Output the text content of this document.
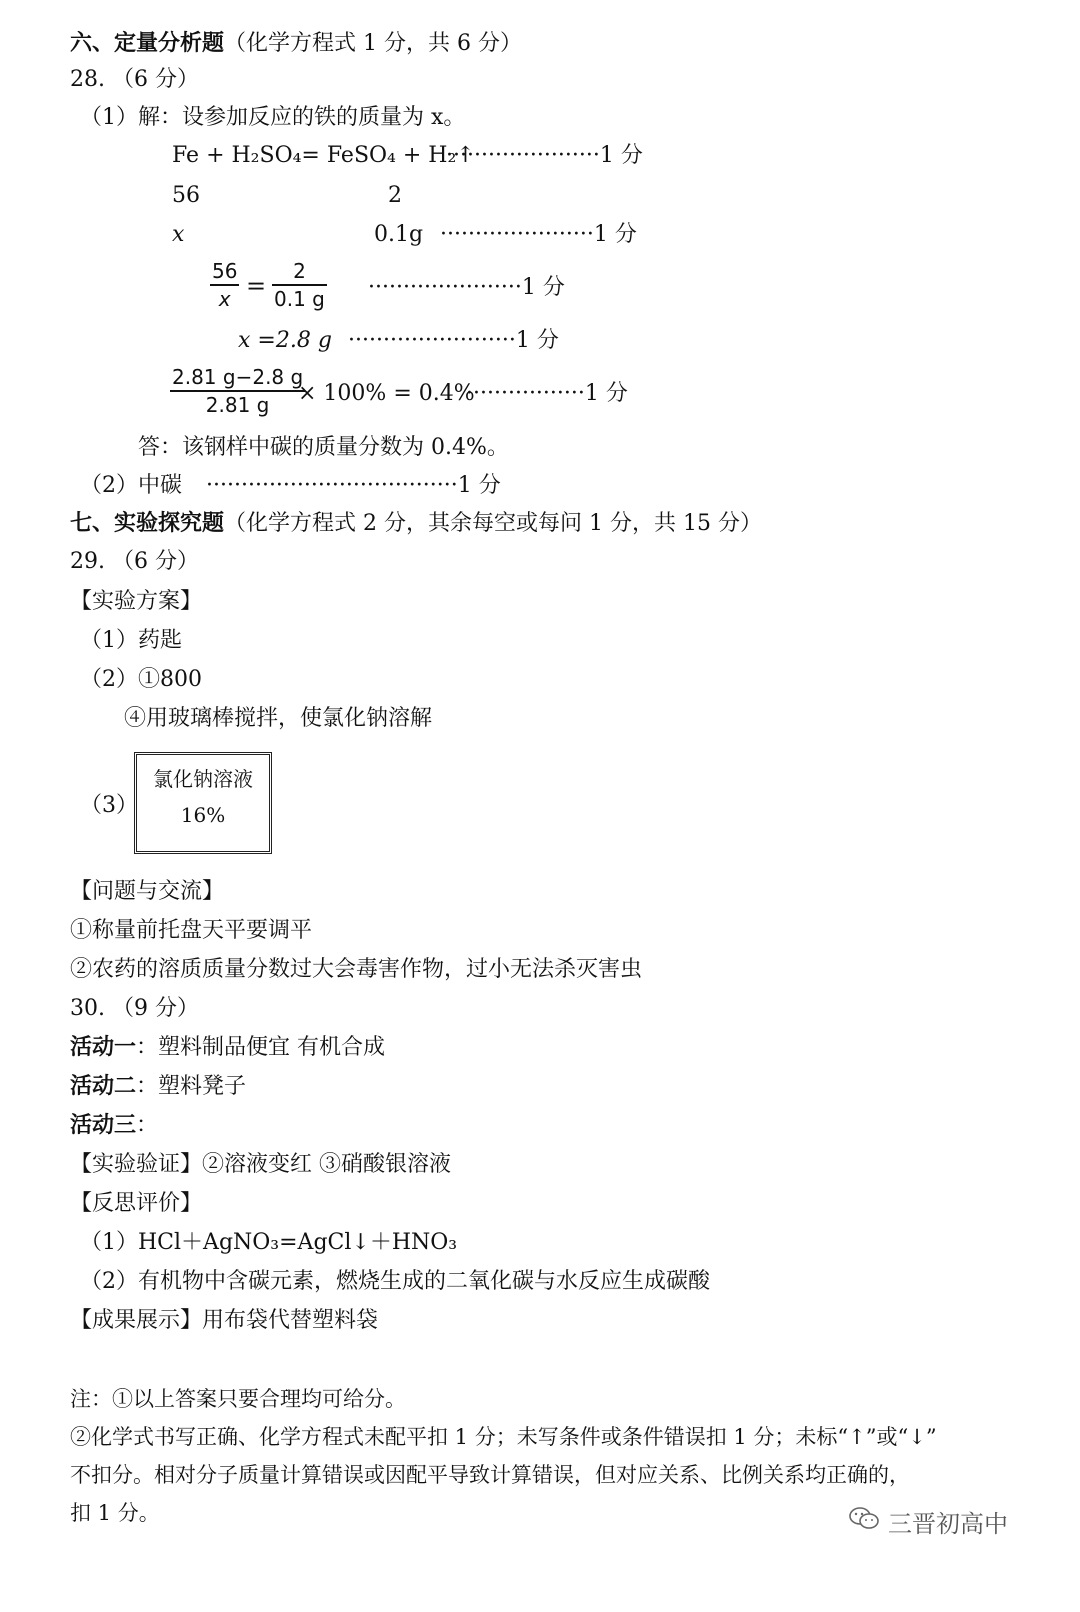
六、定量分析题（化学方程式 1 分，共 6 分）
28. （6 分）
（1）解：设参加反应的铁的质量为 x。
Fe + H₂SO₄= FeSO₄ + H₂↑
······················1 分
56	2
x	0.1g ······················1 分
$\frac{56}{x} = \frac{2}{0.1 g} \cdot\cdot\cdot\cdot\cdot\cdot\cdot\cdot\cdot\cdot\cdot\cdot\cdot\cdot\cdot\cdot\cdot\cdot\cdot\cdot\cdot\cdot 1$ 分
x =2.8 g ························1 分
$\frac{2.81 g-2.8 g}{2.81 g}$
× 100% = 0.4%
·················1 分
答：该钢样中碳的质量分数为 0.4%。
（2）中碳 ····································1 分
七、实验探究题（化学方程式 2 分，其余每空或每问 1 分，共 15 分）
29. （6 分）
【实验方案】
（1）药匙
（2）①800
④用玻璃棒搅拌，使氯化钠溶解
（3）
氯化钠溶液
16%
【问题与交流】
①称量前托盘天平要调平
②农药的溶质质量分数过大会毒害作物，过小无法杀灭害虫
30. （9 分）
活动一：塑料制品便宜 有机合成
活动二：塑料凳子
活动三：
【实验验证】②溶液变红 ③硝酸银溶液
【反思评价】
（1）HCl＋AgNO₃=AgCl↓＋HNO₃
（2）有机物中含碳元素，燃烧生成的二氧化碳与水反应生成碳酸
【成果展示】用布袋代替塑料袋
注：①以上答案只要合理均可给分。
②化学式书写正确、化学方程式未配平扣 1 分；未写条件或条件错误扣 1 分；未标“↑”或“↓”
不扣分。相对分子质量计算错误或因配平导致计算错误，但对应关系、比例关系均正确的，
扣 1 分。	三晋初高中
